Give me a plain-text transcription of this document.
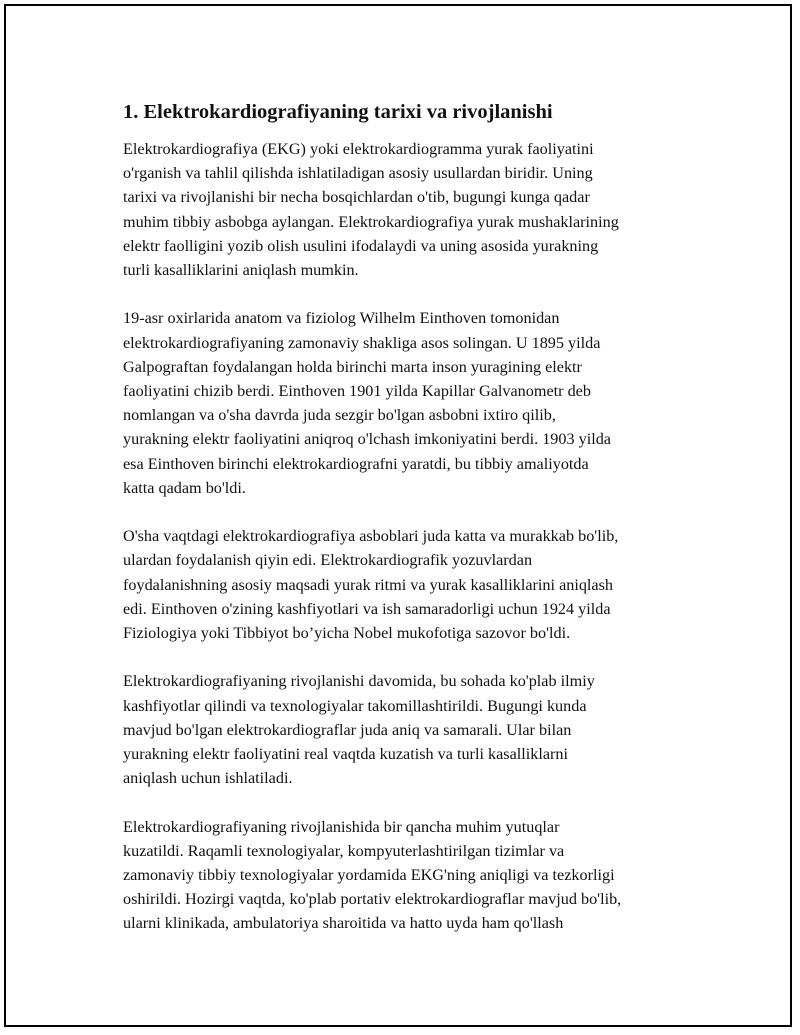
1. Elektrokardiografiyaning tarixi va rivojlanishi

Elektrokardiografiya (EKG) yoki elektrokardiogramma yurak faoliyatini
o'rganish va tahlil qilishda ishlatiladigan asosiy usullardan biridir. Uning
tarixi va rivojlanishi bir necha bosqichlardan o'tib, bugungi kunga qadar
muhim tibbiy asbobga aylangan. Elektrokardiografiya yurak mushaklarining
elektr faolligini yozib olish usulini ifodalaydi va uning asosida yurakning
turli kasalliklarini aniqlash mumkin.

19-asr oxirlarida anatom va fiziolog Wilhelm Einthoven tomonidan
elektrokardiografiyaning zamonaviy shakliga asos solingan. U 1895 yilda
Galpograftan foydalangan holda birinchi marta inson yuragining elektr
faoliyatini chizib berdi. Einthoven 1901 yilda Kapillar Galvanometr deb
nomlangan va o'sha davrda juda sezgir bo'lgan asbobni ixtiro qilib,
yurakning elektr faoliyatini aniqroq o'lchash imkoniyatini berdi. 1903 yilda
esa Einthoven birinchi elektrokardiografni yaratdi, bu tibbiy amaliyotda
katta qadam bo'ldi.

O'sha vaqtdagi elektrokardiografiya asboblari juda katta va murakkab bo'lib,
ulardan foydalanish qiyin edi. Elektrokardiografik yozuvlardan
foydalanishning asosiy maqsadi yurak ritmi va yurak kasalliklarini aniqlash
edi. Einthoven o'zining kashfiyotlari va ish samaradorligi uchun 1924 yilda
Fiziologiya yoki Tibbiyot bo’yicha Nobel mukofotiga sazovor bo'ldi.

Elektrokardiografiyaning rivojlanishi davomida, bu sohada ko'plab ilmiy
kashfiyotlar qilindi va texnologiyalar takomillashtirildi. Bugungi kunda
mavjud bo'lgan elektrokardiograflar juda aniq va samarali. Ular bilan
yurakning elektr faoliyatini real vaqtda kuzatish va turli kasalliklarni
aniqlash uchun ishlatiladi.

Elektrokardiografiyaning rivojlanishida bir qancha muhim yutuqlar
kuzatildi. Raqamli texnologiyalar, kompyuterlashtirilgan tizimlar va
zamonaviy tibbiy texnologiyalar yordamida EKG'ning aniqligi va tezkorligi
oshirildi. Hozirgi vaqtda, ko'plab portativ elektrokardiograflar mavjud bo'lib,
ularni klinikada, ambulatoriya sharoitida va hatto uyda ham qo'llash
